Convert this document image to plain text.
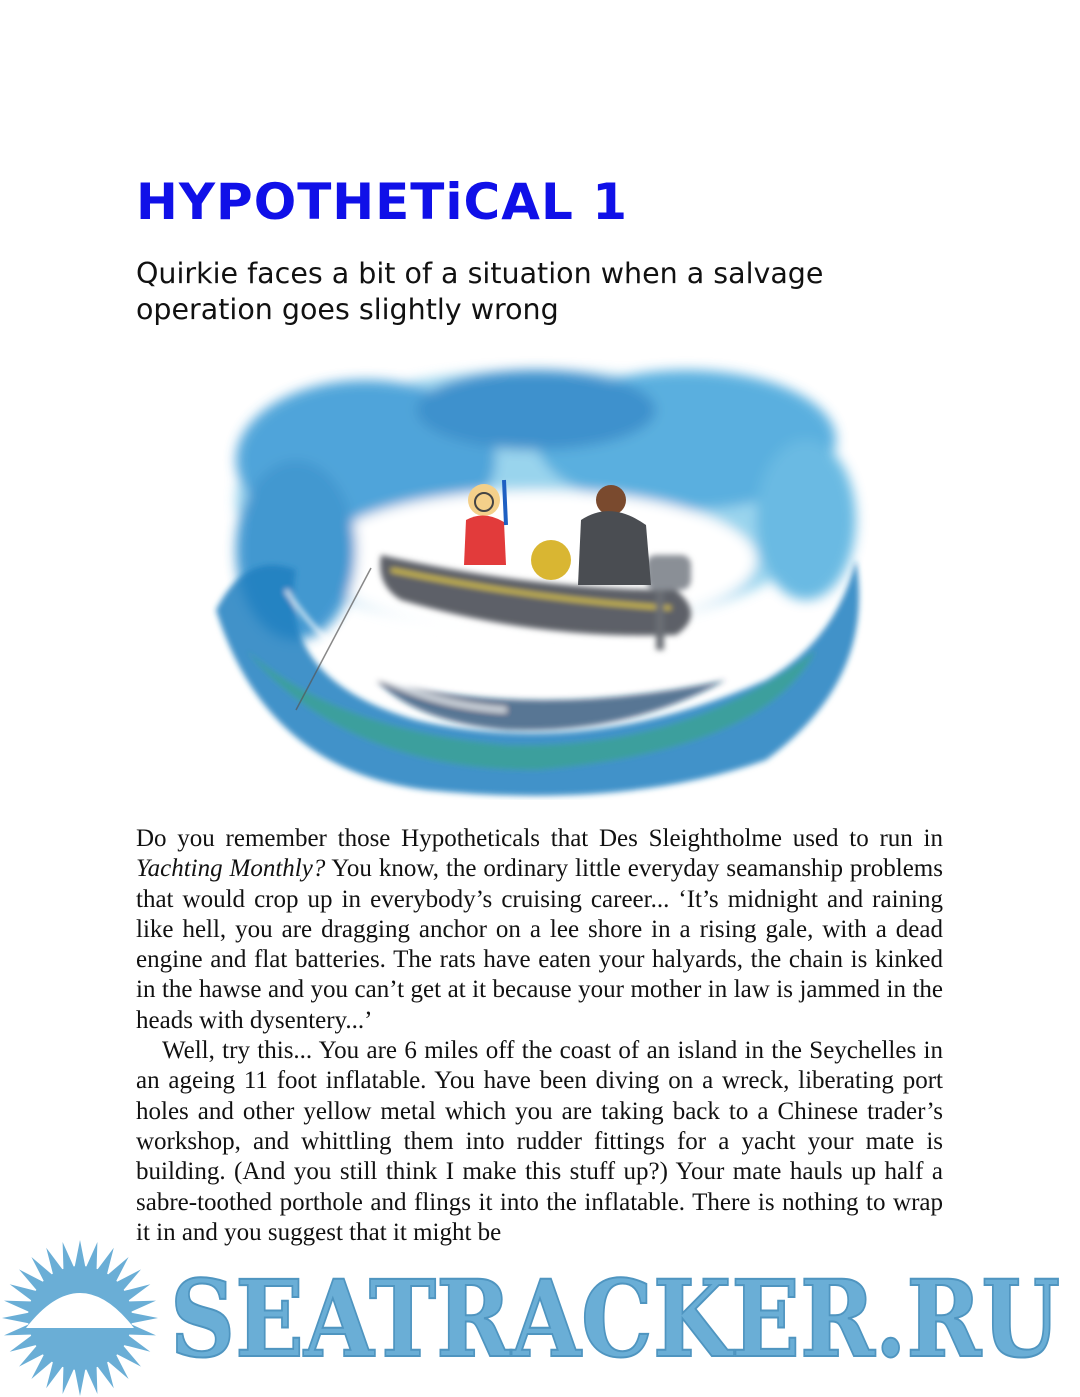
HYPOTHETiCAL 1

Quirkie faces a bit of a situation when a salvage operation goes slightly wrong

Do you remember those Hypotheticals that Des Sleightholme used to run in Yachting Monthly? You know, the ordinary little everyday seamanship problems that would crop up in everybody’s cruising career... ‘It’s midnight and raining like hell, you are dragging anchor on a lee shore in a rising gale, with a dead engine and flat batteries. The rats have eaten your halyards, the chain is kinked in the hawse and you can’t get at it because your mother in law is jammed in the heads with dysentery...’

Well, try this... You are 6 miles off the coast of an island in the Seychelles in an ageing 11 foot inflatable. You have been diving on a wreck, liberating port holes and other yellow metal which you are taking back to a Chinese trader’s workshop, and whittling them into rudder fittings for a yacht your mate is building. (And you still think I make this stuff up?) Your mate hauls up half a sabre-toothed porthole and flings it into the inflatable. There is nothing to wrap it in and you suggest that it might be

SEATRACKER.RU
